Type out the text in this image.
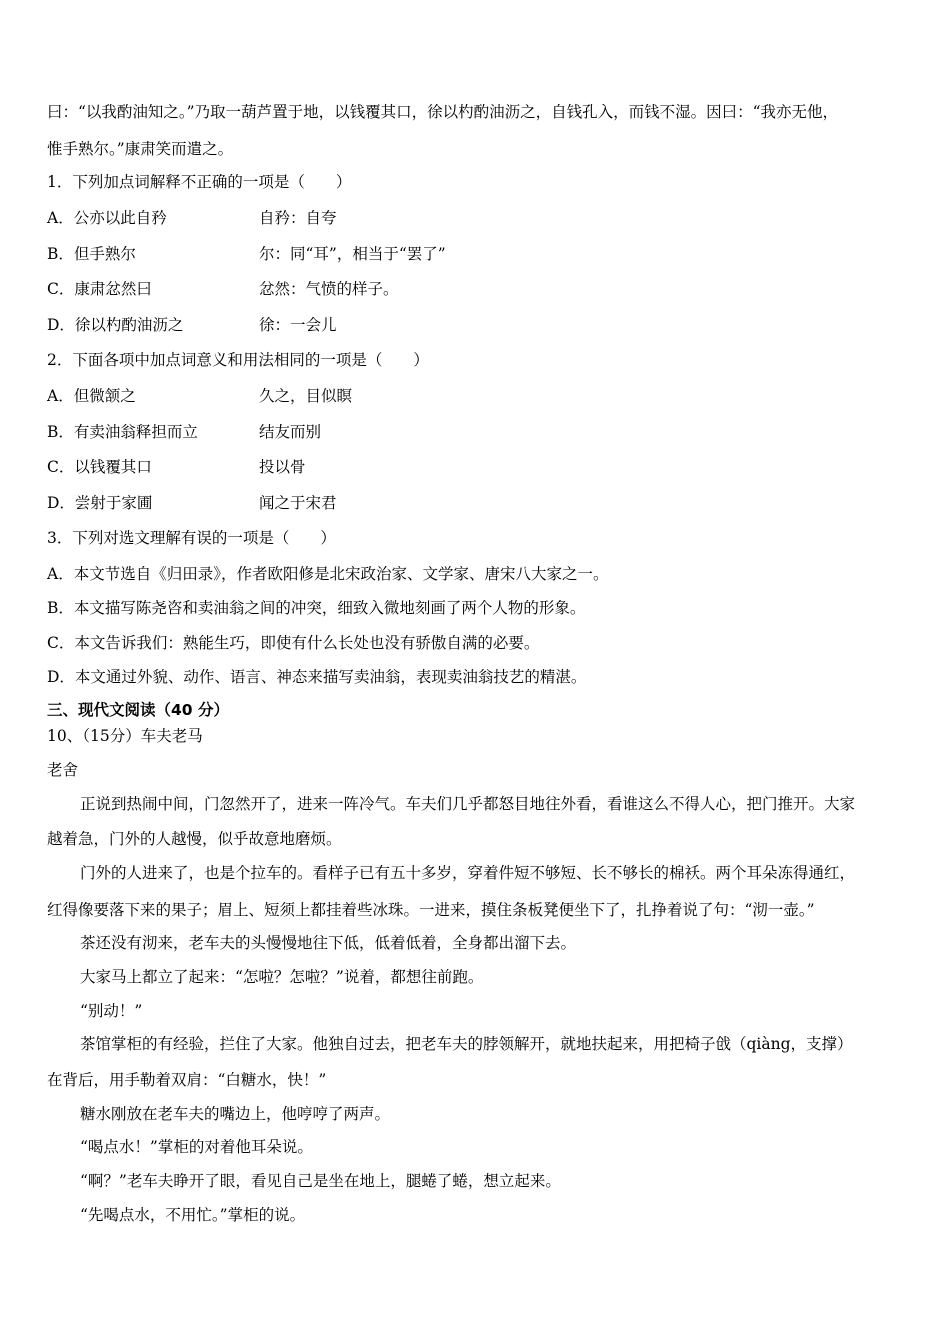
曰：“以我酌油知之。”乃取一葫芦置于地，以钱覆其口，徐以杓酌油沥之，自钱孔入，而钱不湿。因曰：“我亦无他，
惟手熟尔。”康肃笑而遣之。
1．下列加点词解释不正确的一项是（　　）
A．公亦以此自矜	自矜：自夸
B．但手熟尔	尔：同“耳”，相当于“罢了”
C．康肃忿然曰	忿然：气愤的样子。
D．徐以杓酌油沥之	徐：一会儿
2．下面各项中加点词意义和用法相同的一项是（　　）
A．但微颔之	久之，目似瞑
B．有卖油翁释担而立	结友而别
C．以钱覆其口	投以骨
D．尝射于家圃	闻之于宋君
3．下列对选文理解有误的一项是（　　）
A．本文节选自《归田录》，作者欧阳修是北宋政治家、文学家、唐宋八大家之一。
B．本文描写陈尧咨和卖油翁之间的冲突，细致入微地刻画了两个人物的形象。
C．本文告诉我们：熟能生巧，即使有什么长处也没有骄傲自满的必要。
D．本文通过外貌、动作、语言、神态来描写卖油翁，表现卖油翁技艺的精湛。
三、现代文阅读（40 分）
10、（15分）车夫老马
老舍
正说到热闹中间，门忽然开了，进来一阵冷气。车夫们几乎都怒目地往外看，看谁这么不得人心，把门推开。大家
越着急，门外的人越慢，似乎故意地磨烦。
门外的人进来了，也是个拉车的。看样子已有五十多岁，穿着件短不够短、长不够长的棉袄。两个耳朵冻得通红，
红得像要落下来的果子；眉上、短须上都挂着些冰珠。一进来，摸住条板凳便坐下了，扎挣着说了句：“沏一壶。”
茶还没有沏来，老车夫的头慢慢地往下低，低着低着，全身都出溜下去。
大家马上都立了起来：“怎啦？怎啦？”说着，都想往前跑。
“别动！”
茶馆掌柜的有经验，拦住了大家。他独自过去，把老车夫的脖领解开，就地扶起来，用把椅子戗（qiàng，支撑）
在背后，用手勒着双肩：“白糖水，快！”
糖水刚放在老车夫的嘴边上，他哼哼了两声。
“喝点水！”掌柜的对着他耳朵说。
“啊？”老车夫睁开了眼，看见自己是坐在地上，腿蜷了蜷，想立起来。
“先喝点水，不用忙。”掌柜的说。
